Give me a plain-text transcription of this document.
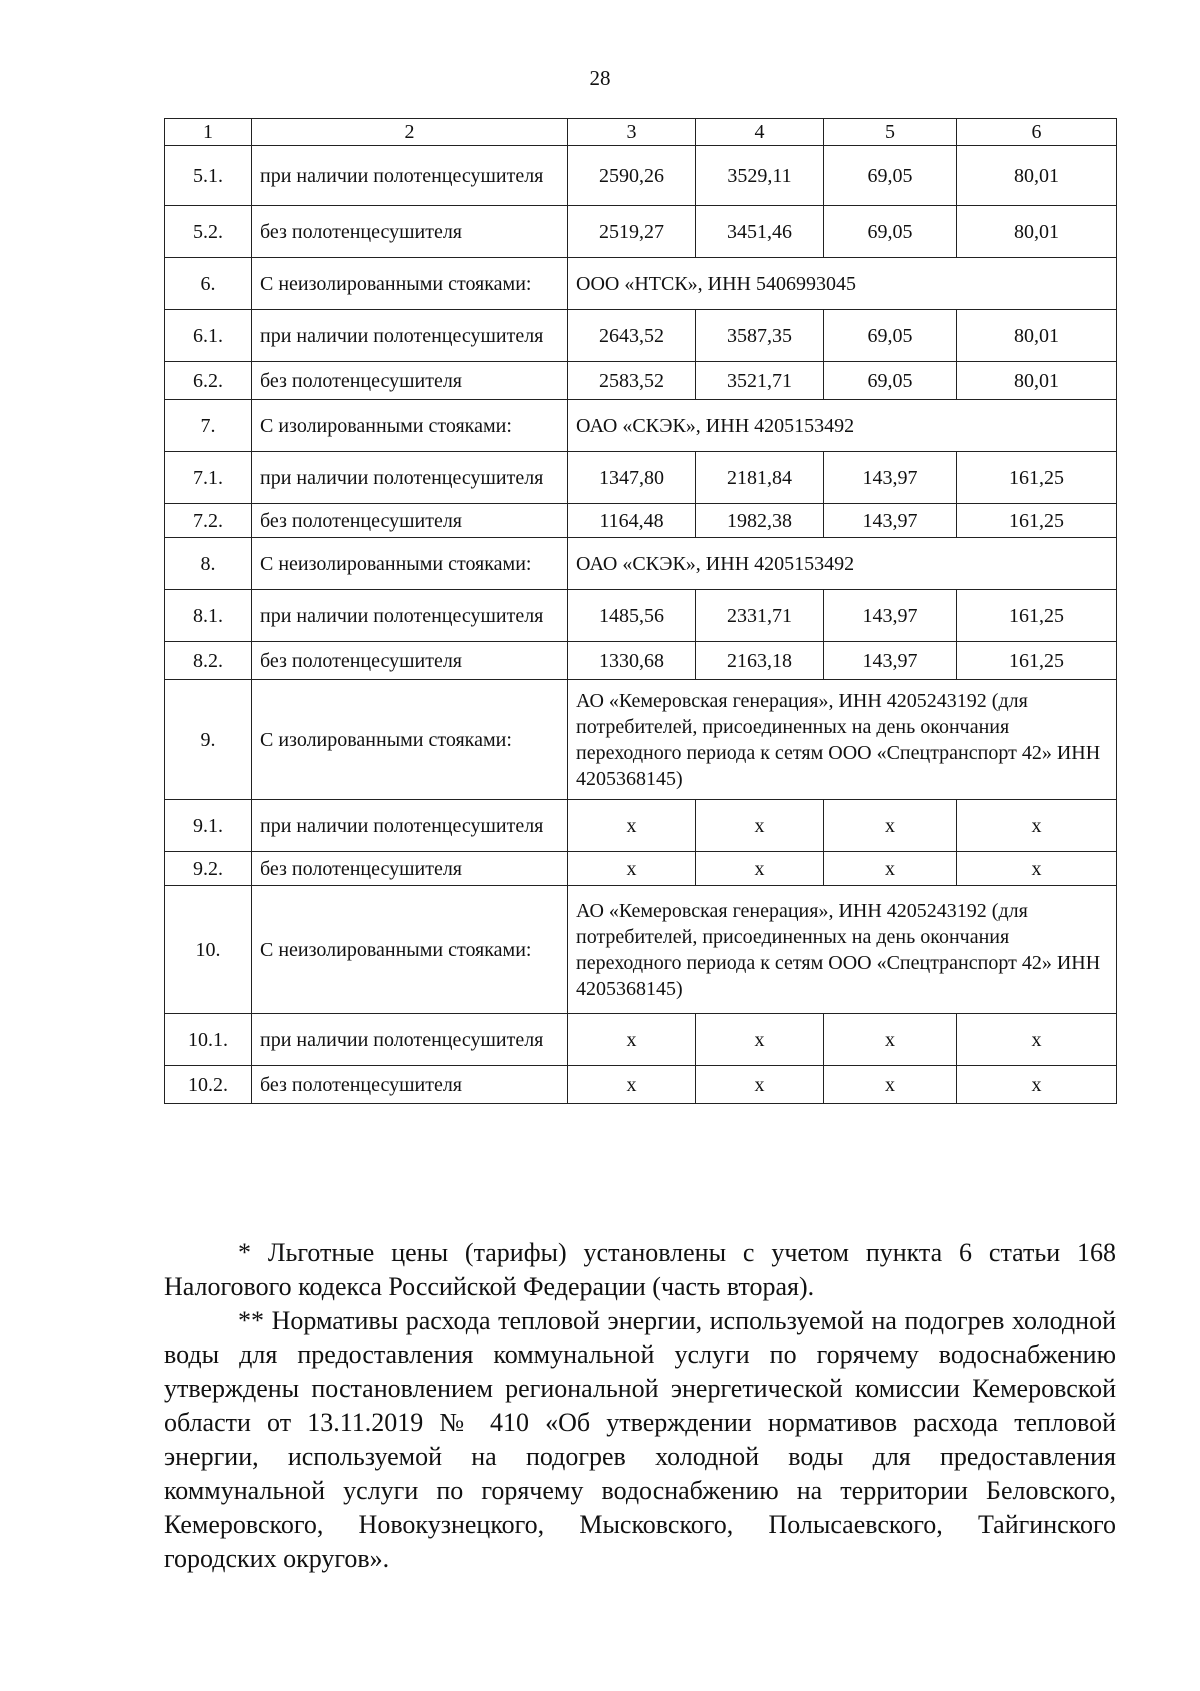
28
1	2	3	4	5	6
5.1.	при наличии полотенцесушителя	2590,26	3529,11	69,05	80,01
5.2.	без полотенцесушителя	2519,27	3451,46	69,05	80,01
6.	С неизолированными стояками:	ООО «НТСК», ИНН 5406993045			
6.1.	при наличии полотенцесушителя	2643,52	3587,35	69,05	80,01
6.2.	без полотенцесушителя	2583,52	3521,71	69,05	80,01
7.	С изолированными стояками:	ОАО «СКЭК», ИНН 4205153492			
7.1.	при наличии полотенцесушителя	1347,80	2181,84	143,97	161,25
7.2.	без полотенцесушителя	1164,48	1982,38	143,97	161,25
8.	С неизолированными стояками:	ОАО «СКЭК», ИНН 4205153492			
8.1.	при наличии полотенцесушителя	1485,56	2331,71	143,97	161,25
8.2.	без полотенцесушителя	1330,68	2163,18	143,97	161,25
9.	С изолированными стояками:	АО «Кемеровская генерация», ИНН 4205243192 (для потребителей, присоединенных на день окончания переходного периода к сетям ООО «Спецтранспорт 42» ИНН 4205368145)			
9.1.	при наличии полотенцесушителя	х	х	х	х
9.2.	без полотенцесушителя	х	х	х	х
10.	С неизолированными стояками:	АО «Кемеровская генерация», ИНН 4205243192 (для потребителей, присоединенных на день окончания переходного периода к сетям ООО «Спецтранспорт 42» ИНН 4205368145)			
10.1.	при наличии полотенцесушителя	х	х	х	х
10.2.	без полотенцесушителя	х	х	х	х
* Льготные цены (тарифы) установлены с учетом пункта 6 статьи 168 Налогового кодекса Российской Федерации (часть вторая).
** Нормативы расхода тепловой энергии, используемой на подогрев холодной воды для предоставления коммунальной услуги по горячему водоснабжению утверждены постановлением региональной энергетической комиссии Кемеровской области от 13.11.2019 № 410 «Об утверждении нормативов расхода тепловой энергии, используемой на подогрев холодной воды для предоставления коммунальной услуги по горячему водоснабжению на территории Беловского, Кемеровского, Новокузнецкого, Мысковского, Полысаевского, Тайгинского городских округов».
